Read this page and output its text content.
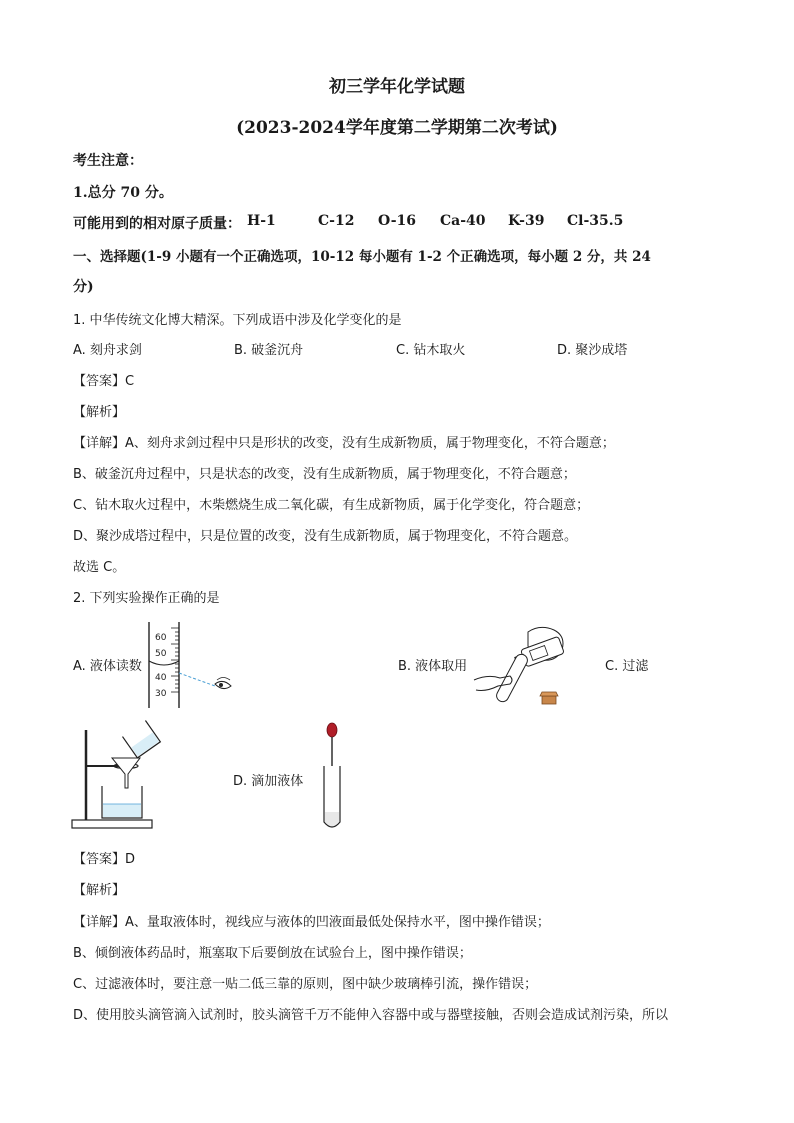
初三学年化学试题
(2023-2024学年度第二学期第二次考试)
考生注意：
1.总分 70 分。
可能用到的相对原子质量： H-1	C-12 O-16 Ca-40 K-39 Cl-35.5
一、选择题(1-9 小题有一个正确选项，10-12 每小题有 1-2 个正确选项，每小题 2 分，共 24
分)
1. 中华传统文化博大精深。下列成语中涉及化学变化的是
A. 刻舟求剑	B. 破釜沉舟	C. 钻木取火	D. 聚沙成塔
【答案】C
【解析】
【详解】A、刻舟求剑过程中只是形状的改变，没有生成新物质，属于物理变化，不符合题意；
B、破釜沉舟过程中，只是状态的改变，没有生成新物质，属于物理变化，不符合题意；
C、钻木取火过程中，木柴燃烧生成二氧化碳，有生成新物质，属于化学变化，符合题意；
D、聚沙成塔过程中，只是位置的改变，没有生成新物质，属于物理变化，不符合题意。
故选 C。
2. 下列实验操作正确的是
A. 液体读数
60
50
40
30
B. 液体取用	C. 过滤
D. 滴加液体
【答案】D
【解析】
【详解】A、量取液体时，视线应与液体的凹液面最低处保持水平，图中操作错误；
B、倾倒液体药品时，瓶塞取下后要倒放在试验台上，图中操作错误；
C、过滤液体时，要注意一贴二低三靠的原则，图中缺少玻璃棒引流，操作错误；
D、使用胶头滴管滴入试剂时，胶头滴管千万不能伸入容器中或与器壁接触，否则会造成试剂污染，所以
